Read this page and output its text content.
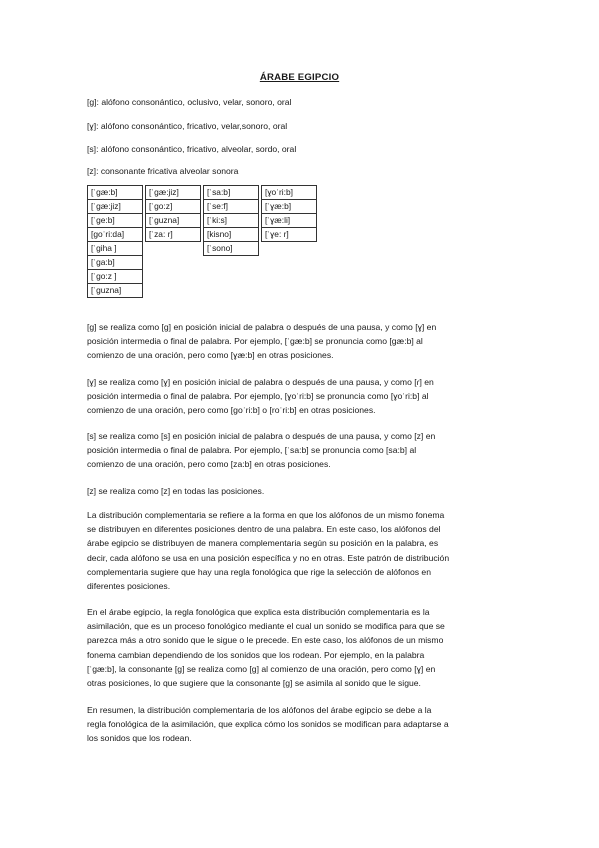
ÁRABE EGIPCIO
[g]: alófono consonántico, oclusivo, velar, sonoro, oral
[ɣ]: alófono consonántico, fricativo, velar,sonoro, oral
[s]: alófono consonántico, fricativo, alveolar, sordo, oral
[z]: consonante fricativa alveolar sonora
[ˈgæ:b]
[ˈgæ:jiz]
[ˈge:b]
[goˈri:da]
[ˈgiha ]
[ˈga:b]
[ˈgo:z ]
[ˈguzna]
[ˈgæ:jiz]
[ˈgo:z]
[ˈguzna]
[ˈza: r]
[ˈsa:b]
[ˈse:f]
[ˈki:s]
[kisno]
[ˈsono]
[ɣoˈri:b]
[ˈɣæ:b]
[ˈɣæ:li]
[ˈɣe: r]
[g] se realiza como [g] en posición inicial de palabra o después de una pausa, y como [ɣ] en
posición intermedia o final de palabra. Por ejemplo, [ˈgæ:b] se pronuncia como [gæ:b] al
comienzo de una oración, pero como [ɣæ:b] en otras posiciones.
[ɣ] se realiza como [ɣ] en posición inicial de palabra o después de una pausa, y como [ɾ] en
posición intermedia o final de palabra. Por ejemplo, [ɣoˈri:b] se pronuncia como [ɣoˈri:b] al
comienzo de una oración, pero como [goˈri:b] o [roˈri:b] en otras posiciones.
[s] se realiza como [s] en posición inicial de palabra o después de una pausa, y como [z] en
posición intermedia o final de palabra. Por ejemplo, [ˈsa:b] se pronuncia como [sa:b] al
comienzo de una oración, pero como [za:b] en otras posiciones.
[z] se realiza como [z] en todas las posiciones.
La distribución complementaria se refiere a la forma en que los alófonos de un mismo fonema
se distribuyen en diferentes posiciones dentro de una palabra. En este caso, los alófonos del
árabe egipcio se distribuyen de manera complementaria según su posición en la palabra, es
decir, cada alófono se usa en una posición específica y no en otras. Este patrón de distribución
complementaria sugiere que hay una regla fonológica que rige la selección de alófonos en
diferentes posiciones.
En el árabe egipcio, la regla fonológica que explica esta distribución complementaria es la
asimilación, que es un proceso fonológico mediante el cual un sonido se modifica para que se
parezca más a otro sonido que le sigue o le precede. En este caso, los alófonos de un mismo
fonema cambian dependiendo de los sonidos que los rodean. Por ejemplo, en la palabra
[ˈgæ:b], la consonante [g] se realiza como [g] al comienzo de una oración, pero como [ɣ] en
otras posiciones, lo que sugiere que la consonante [g] se asimila al sonido que le sigue.
En resumen, la distribución complementaria de los alófonos del árabe egipcio se debe a la
regla fonológica de la asimilación, que explica cómo los sonidos se modifican para adaptarse a
los sonidos que los rodean.
